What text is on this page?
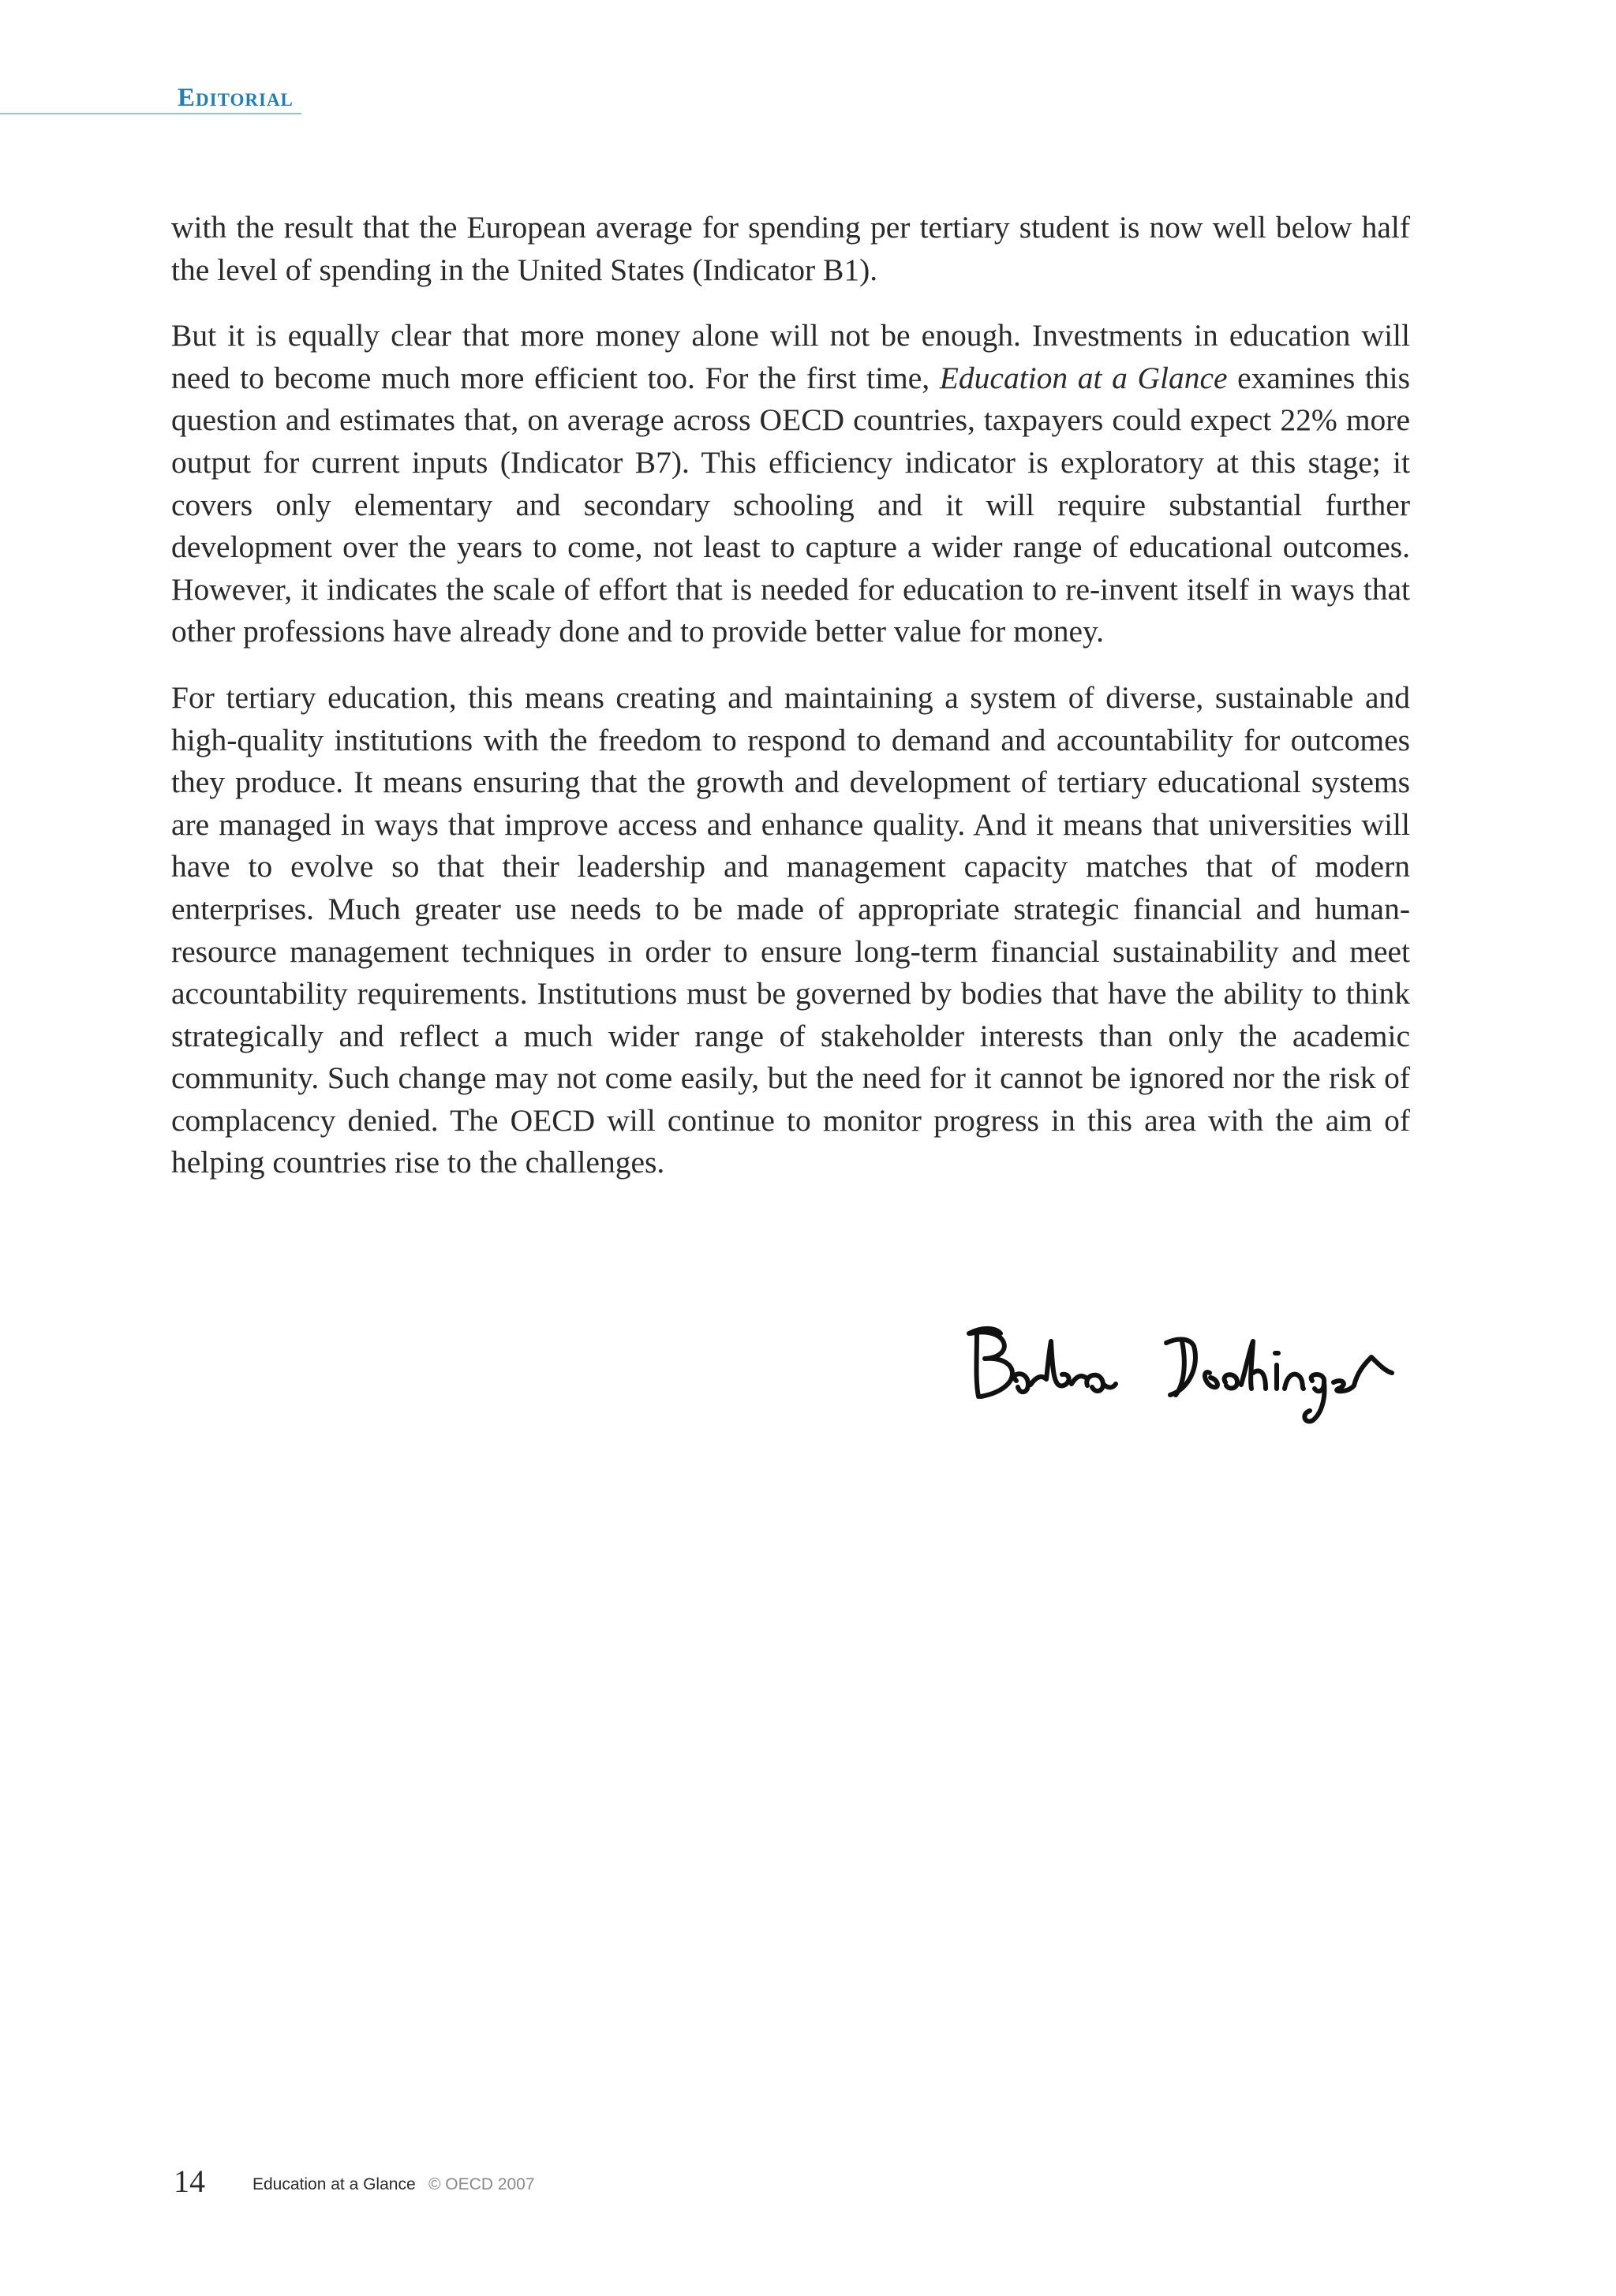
Editorial

with the result that the European average for spending per tertiary student is now well below half the level of spending in the United States (Indicator B1).

But it is equally clear that more money alone will not be enough. Investments in education will need to become much more efficient too. For the first time, Education at a Glance examines this question and estimates that, on average across OECD countries, taxpayers could expect 22% more output for current inputs (Indicator B7). This efficiency indicator is exploratory at this stage; it covers only elementary and secondary schooling and it will require substantial further development over the years to come, not least to capture a wider range of educational outcomes. However, it indicates the scale of effort that is needed for education to re-invent itself in ways that other professions have already done and to provide better value for money.

For tertiary education, this means creating and maintaining a system of diverse, sustainable and high-quality institutions with the freedom to respond to demand and accountability for outcomes they produce. It means ensuring that the growth and development of tertiary educational systems are managed in ways that improve access and enhance quality. And it means that universities will have to evolve so that their leadership and management capacity matches that of modern enterprises. Much greater use needs to be made of appropriate strategic financial and human-resource management techniques in order to ensure long-term financial sustainability and meet accountability requirements. Institutions must be governed by bodies that have the ability to think strategically and reflect a much wider range of stakeholder interests than only the academic community. Such change may not come easily, but the need for it cannot be ignored nor the risk of complacency denied. The OECD will continue to monitor progress in this area with the aim of helping countries rise to the challenges.

14	Education at a Glance © OECD 2007
